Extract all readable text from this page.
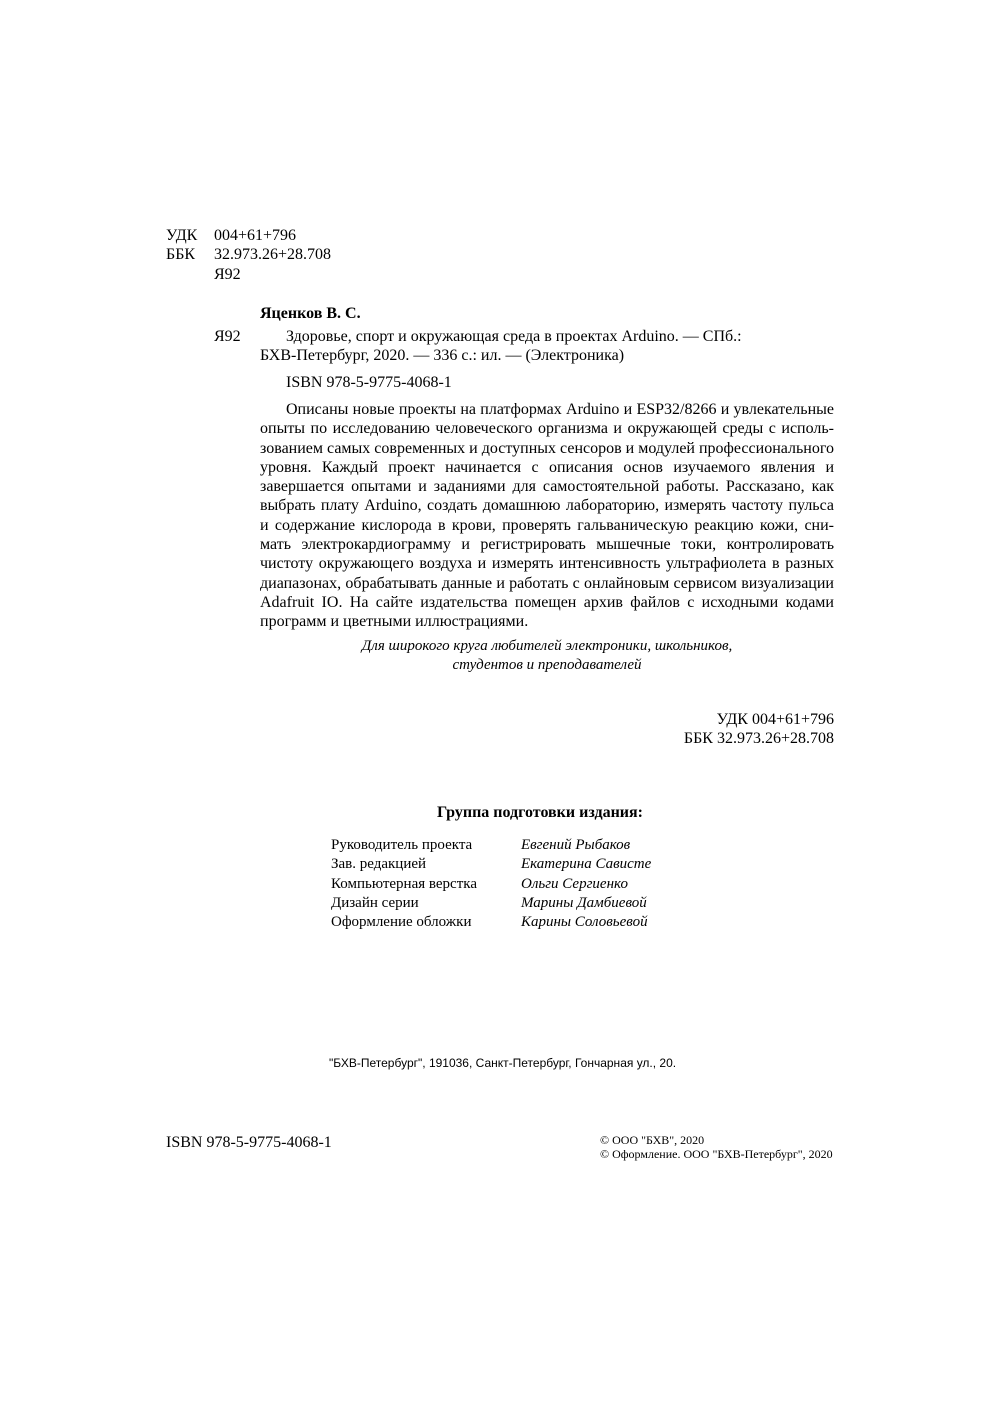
УДК 004+61+796
ББК 32.973.26+28.708
Я92
Яценков В. С.
Я92	Здоровье, спорт и окружающая среда в проектах Arduino. — СПб.:
БХВ-Петербург, 2020. — 336 с.: ил. — (Электроника)
ISBN 978-5-9775-4068-1
Описаны новые проекты на платформах Arduino и ESP32/8266 и увлекательные опыты по исследованию человеческого организма и окружающей среды с использованием самых современных и доступных сенсоров и модулей профессионального уровня. Каждый проект начинается с описания основ изучаемого явления и завершается опытами и заданиями для самостоятельной работы. Рассказано, как выбрать плату Arduino, создать домашнюю лабораторию, измерять частоту пульса и содержание кислорода в крови, проверять гальваническую реакцию кожи, снимать электрокардиограмму и регистрировать мышечные токи, контролировать чистоту окружающего воздуха и измерять интенсивность ультрафиолета в разных диапазонах, обрабатывать данные и работать с онлайновым сервисом визуализации Adafruit IO. На сайте издательства помещен архив файлов с исходными кодами программ и цветными иллюстрациями.
Для широкого круга любителей электроники, школьников,
студентов и преподавателей
УДК 004+61+796
ББК 32.973.26+28.708
Группа подготовки издания:
Руководитель проекта	Евгений Рыбаков
Зав. редакцией	Екатерина Сависте
Компьютерная верстка	Ольги Сергиенко
Дизайн серии	Марины Дамбиевой
Оформление обложки	Карины Соловьевой
"БХВ-Петербург", 191036, Санкт-Петербург, Гончарная ул., 20.
ISBN 978-5-9775-4068-1	© ООО "БХВ", 2020
© Оформление. ООО "БХВ-Петербург", 2020
